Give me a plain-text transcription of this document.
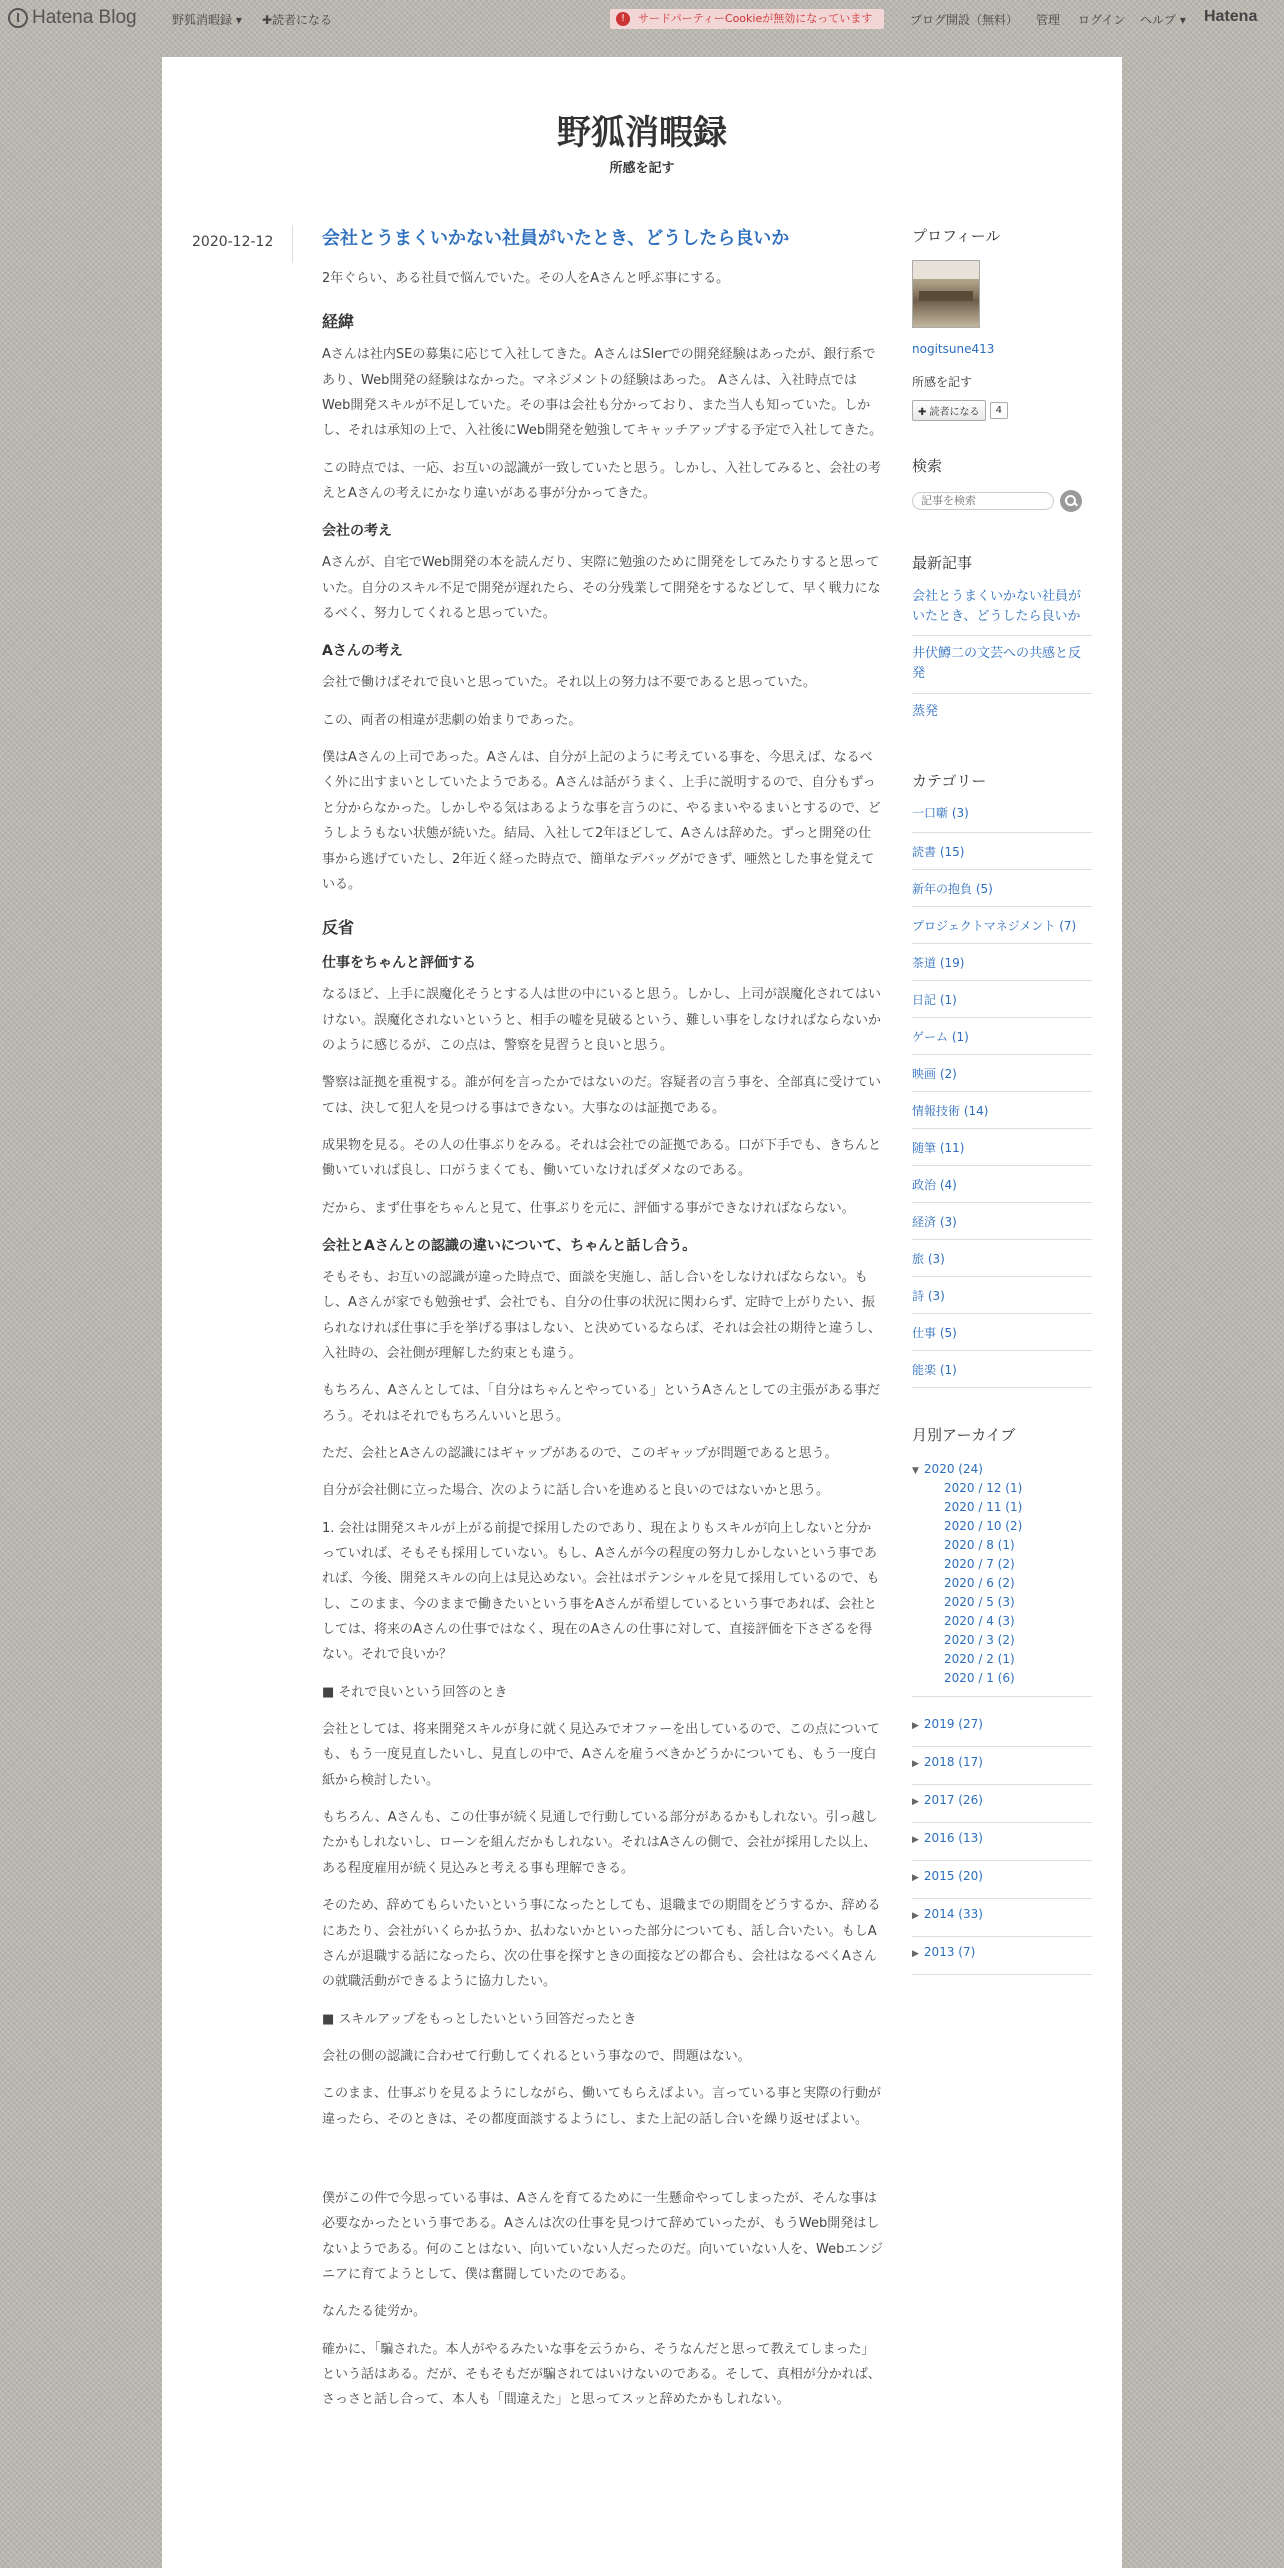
Hatena Blog	野狐消暇録 ▾ ✚読者になる	! サードパーティーCookieが無効になっています	ブログ開設（無料） 管理 ログイン ヘルプ ▾ Hatena
野狐消暇録
所感を記す
2020-12-12	会社とうまくいかない社員がいたとき、どうしたら良いか

2年ぐらい、ある社員で悩んでいた。その人をAさんと呼ぶ事にする。

経緯

Aさんは社内SEの募集に応じて入社してきた。AさんはSIerでの開発経験はあったが、銀行系であり、Web開発の経験はなかった。マネジメントの経験はあった。 Aさんは、入社時点ではWeb開発スキルが不足していた。その事は会社も分かっており、また当人も知っていた。しかし、それは承知の上で、入社後にWeb開発を勉強してキャッチアップする予定で入社してきた。

この時点では、一応、お互いの認識が一致していたと思う。しかし、入社してみると、会社の考えとAさんの考えにかなり違いがある事が分かってきた。

会社の考え

Aさんが、自宅でWeb開発の本を読んだり、実際に勉強のために開発をしてみたりすると思っていた。自分のスキル不足で開発が遅れたら、その分残業して開発をするなどして、早く戦力になるべく、努力してくれると思っていた。

Aさんの考え

会社で働けばそれで良いと思っていた。それ以上の努力は不要であると思っていた。

この、両者の相違が悲劇の始まりであった。

僕はAさんの上司であった。Aさんは、自分が上記のように考えている事を、今思えば、なるべく外に出すまいとしていたようである。Aさんは話がうまく、上手に説明するので、自分もずっと分からなかった。しかしやる気はあるような事を言うのに、やるまいやるまいとするので、どうしようもない状態が続いた。結局、入社して2年ほどして、Aさんは辞めた。ずっと開発の仕事から逃げていたし、2年近く経った時点で、簡単なデバッグができず、唖然とした事を覚えている。

反省
仕事をちゃんと評価する

なるほど、上手に誤魔化そうとする人は世の中にいると思う。しかし、上司が誤魔化されてはいけない。誤魔化されないというと、相手の嘘を見破るという、難しい事をしなければならないかのように感じるが、この点は、警察を見習うと良いと思う。

警察は証拠を重視する。誰が何を言ったかではないのだ。容疑者の言う事を、全部真に受けていては、決して犯人を見つける事はできない。大事なのは証拠である。

成果物を見る。その人の仕事ぶりをみる。それは会社での証拠である。口が下手でも、きちんと働いていれば良し、口がうまくても、働いていなければダメなのである。

だから、まず仕事をちゃんと見て、仕事ぶりを元に、評価する事ができなければならない。

会社とAさんとの認識の違いについて、ちゃんと話し合う。

そもそも、お互いの認識が違った時点で、面談を実施し、話し合いをしなければならない。もし、Aさんが家でも勉強せず、会社でも、自分の仕事の状況に関わらず、定時で上がりたい、振られなければ仕事に手を挙げる事はしない、と決めているならば、それは会社の期待と違うし、入社時の、会社側が理解した約束とも違う。

もちろん、Aさんとしては、「自分はちゃんとやっている」というAさんとしての主張がある事だろう。それはそれでもちろんいいと思う。

ただ、会社とAさんの認識にはギャップがあるので、このギャップが問題であると思う。

自分が会社側に立った場合、次のように話し合いを進めると良いのではないかと思う。

1. 会社は開発スキルが上がる前提で採用したのであり、現在よりもスキルが向上しないと分かっていれば、そもそも採用していない。もし、Aさんが今の程度の努力しかしないという事であれば、今後、開発スキルの向上は見込めない。会社はポテンシャルを見て採用しているので、もし、このまま、今のままで働きたいという事をAさんが希望しているという事であれば、会社としては、将来のAさんの仕事ではなく、現在のAさんの仕事に対して、直接評価を下さざるを得ない。それで良いか？

■ それで良いという回答のとき

会社としては、将来開発スキルが身に就く見込みでオファーを出しているので、この点についても、もう一度見直したいし、見直しの中で、Aさんを雇うべきかどうかについても、もう一度白紙から検討したい。

もちろん、Aさんも、この仕事が続く見通しで行動している部分があるかもしれない。引っ越したかもしれないし、ローンを組んだかもしれない。それはAさんの側で、会社が採用した以上、ある程度雇用が続く見込みと考える事も理解できる。

そのため、辞めてもらいたいという事になったとしても、退職までの期間をどうするか、辞めるにあたり、会社がいくらか払うか、払わないかといった部分についても、話し合いたい。もしAさんが退職する話になったら、次の仕事を探すときの面接などの都合も、会社はなるべくAさんの就職活動ができるように協力したい。

■ スキルアップをもっとしたいという回答だったとき

会社の側の認識に合わせて行動してくれるという事なので、問題はない。

このまま、仕事ぶりを見るようにしながら、働いてもらえばよい。言っている事と実際の行動が違ったら、そのときは、その都度面談するようにし、また上記の話し合いを繰り返せばよい。

僕がこの件で今思っている事は、Aさんを育てるために一生懸命やってしまったが、そんな事は必要なかったという事である。Aさんは次の仕事を見つけて辞めていったが、もうWeb開発はしないようである。何のことはない、向いていない人だったのだ。向いていない人を、Webエンジニアに育てようとして、僕は奮闘していたのである。

なんたる徒労か。

確かに、「騙された。本人がやるみたいな事を云うから、そうなんだと思って教えてしまった」という話はある。だが、そもそもだが騙されてはいけないのである。そして、真相が分かれば、さっさと話し合って、本人も「間違えた」と思ってスッと辞めたかもしれない。

プロフィール
nogitsune413
所感を記す
✚ 読者になる	4
検索
記事を検索
最新記事
会社とうまくいかない社員がいたとき、どうしたら良いか
井伏鱒二の文芸への共感と反発
蒸発
カテゴリー
一口噺 (3)
読書 (15)
新年の抱負 (5)
プロジェクトマネジメント (7)
茶道 (19)
日記 (1)
ゲーム (1)
映画 (2)
情報技術 (14)
随筆 (11)
政治 (4)
経済 (3)
旅 (3)
詩 (3)
仕事 (5)
能楽 (1)
月別アーカイブ
▼ 2020 (24)
2020 / 12 (1)
2020 / 11 (1)
2020 / 10 (2)
2020 / 8 (1)
2020 / 7 (2)
2020 / 6 (2)
2020 / 5 (3)
2020 / 4 (3)
2020 / 3 (2)
2020 / 2 (1)
2020 / 1 (6)
▶ 2019 (27)
▶ 2018 (17)
▶ 2017 (26)
▶ 2016 (13)
▶ 2015 (20)
▶ 2014 (33)
▶ 2013 (7)
